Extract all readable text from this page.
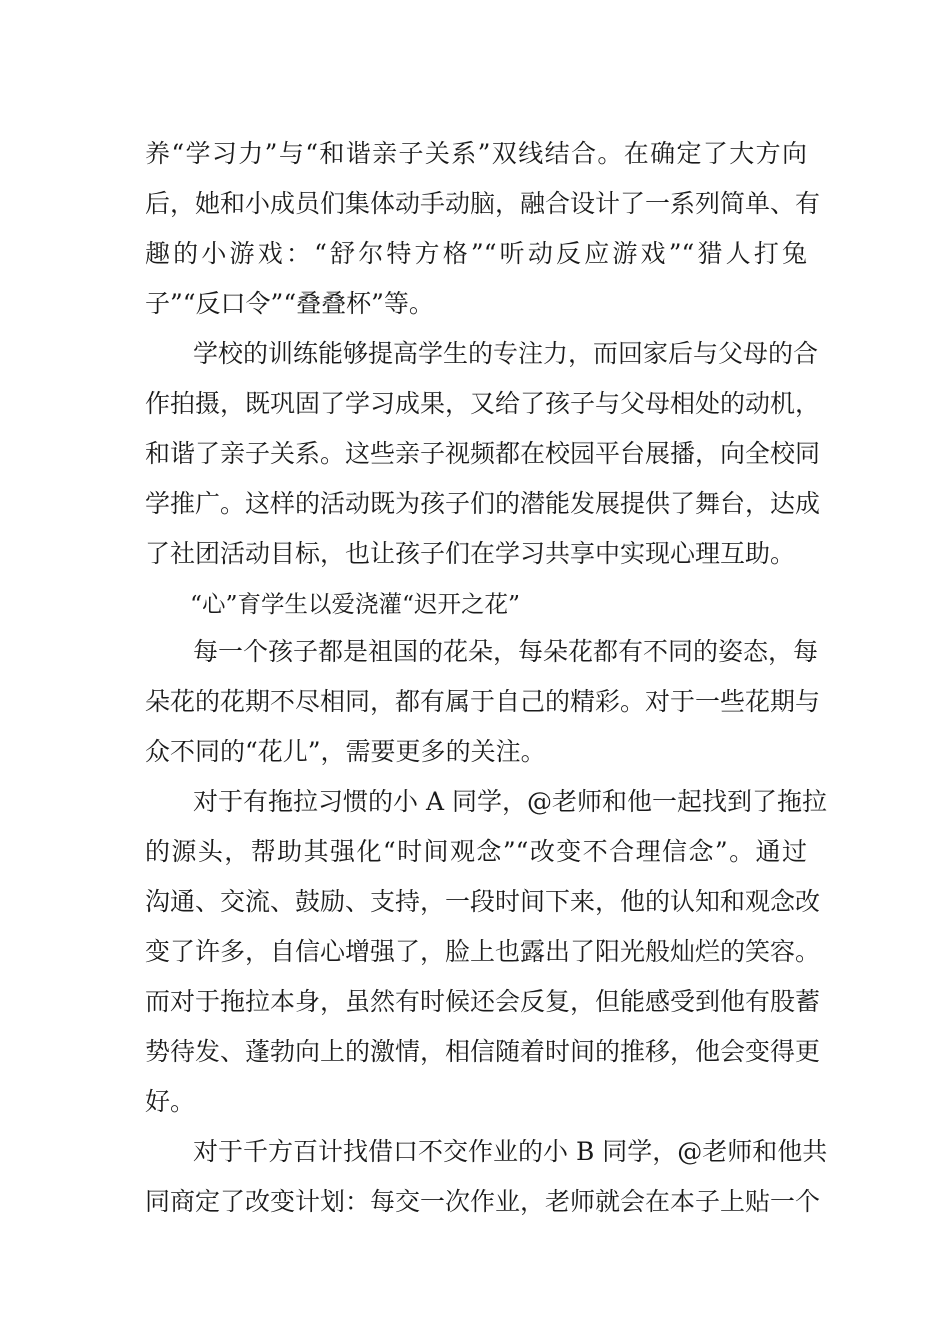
养“学习力”与“和谐亲子关系”双线结合。在确定了大方向
后，她和小成员们集体动手动脑，融合设计了一系列简单、有
趣的小游戏：“舒尔特方格”“听动反应游戏”“猎人打兔
子”“反口令”“叠叠杯”等。
学校的训练能够提高学生的专注力，而回家后与父母的合
作拍摄，既巩固了学习成果，又给了孩子与父母相处的动机，
和谐了亲子关系。这些亲子视频都在校园平台展播，向全校同
学推广。这样的活动既为孩子们的潜能发展提供了舞台，达成
了社团活动目标，也让孩子们在学习共享中实现心理互助。
“心”育学生以爱浇灌“迟开之花”
每一个孩子都是祖国的花朵，每朵花都有不同的姿态，每
朵花的花期不尽相同，都有属于自己的精彩。对于一些花期与
众不同的“花儿”，需要更多的关注。
对于有拖拉习惯的小 A 同学，@老师和他一起找到了拖拉
的源头，帮助其强化“时间观念”“改变不合理信念”。通过
沟通、交流、鼓励、支持，一段时间下来，他的认知和观念改
变了许多，自信心增强了，脸上也露出了阳光般灿烂的笑容。
而对于拖拉本身，虽然有时候还会反复，但能感受到他有股蓄
势待发、蓬勃向上的激情，相信随着时间的推移，他会变得更
好。
对于千方百计找借口不交作业的小 B 同学，@老师和他共
同商定了改变计划：每交一次作业，老师就会在本子上贴一个
